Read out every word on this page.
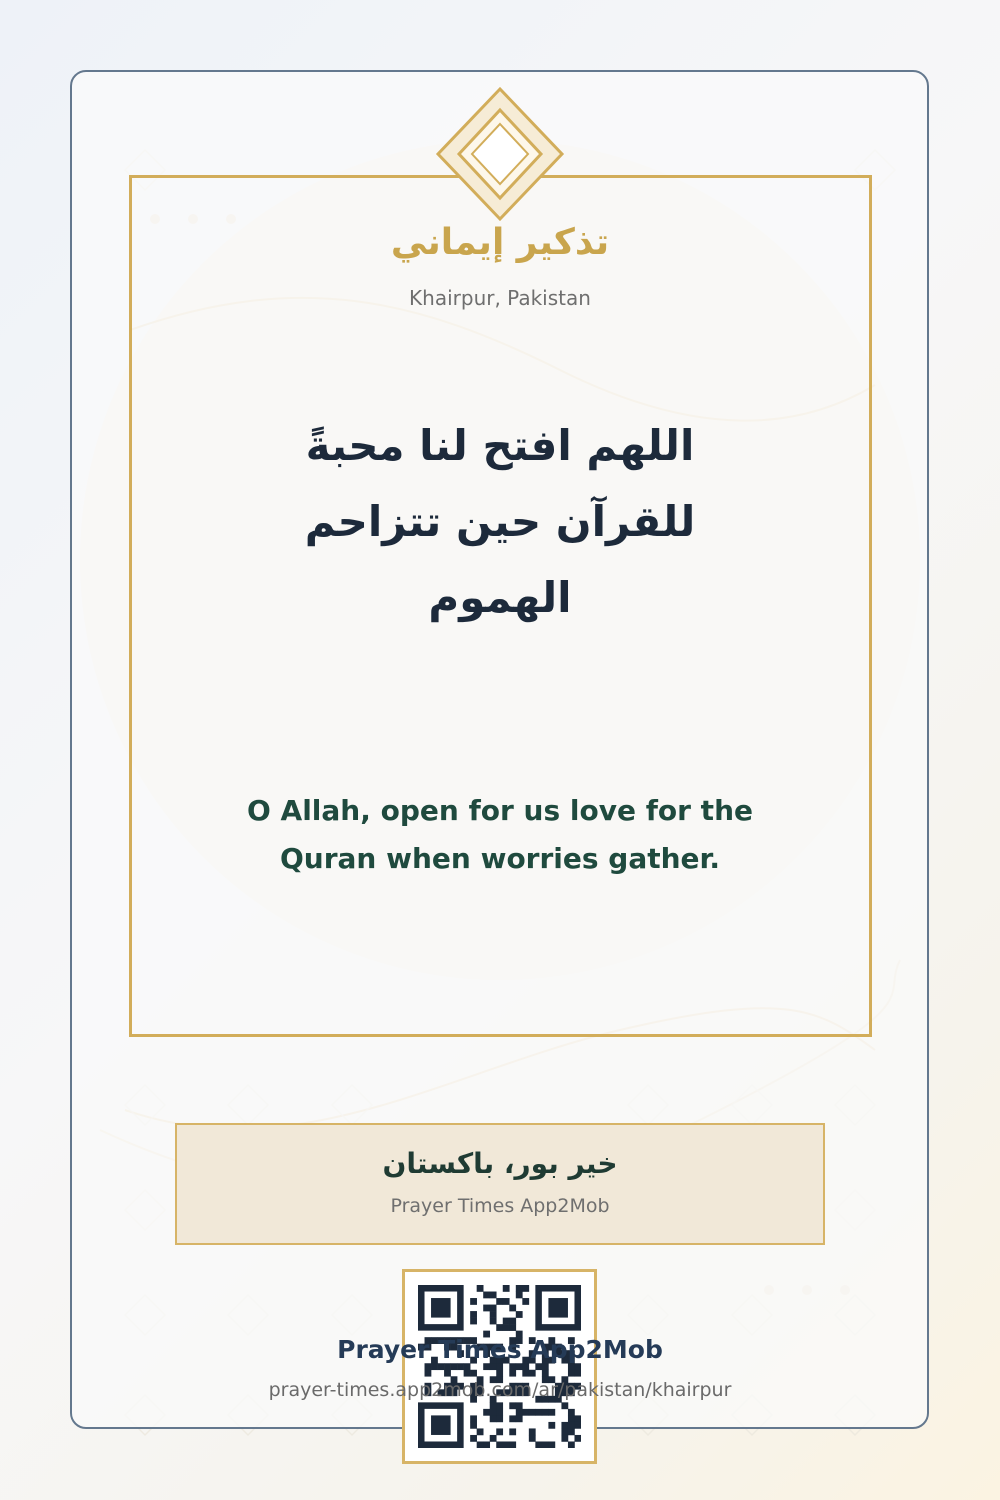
تذكير إيماني

Khairpur, Pakistan

اللهم افتح لنا محبةً
للقرآن حين تتزاحم
الهموم
O Allah, open for us love for the
Quran when worries gather.

خير بور، باكستان

Prayer Times App2Mob

Prayer Times App2Mob

prayer-times.app2mob.com/ar/pakistan/khairpur
